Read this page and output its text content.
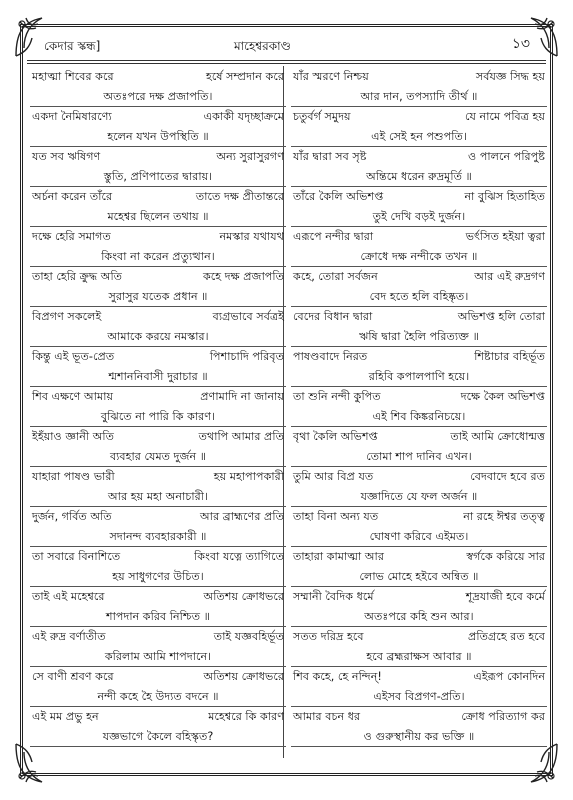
কেদার স্কন্ধ]	মাহেশ্বরকাণ্ড	১৩
মহাত্মা শিবের করে	হর্ষে সম্প্রদান করে
অতঃপরে দক্ষ প্রজাপতি।
একদা নৈমিষারণ্যে	একাকী যদৃচ্ছাক্রমে
হলেন যখন উপস্থিতি ॥
যত সব ঋষিগণ	অন্য সুরাসুরগণ
স্তুতি, প্রণিপাতের দ্বারায়।
অর্চনা করেন তাঁরে	তাতে দক্ষ প্রীতান্তরে
মহেশ্বর ছিলেন তথায় ॥
দক্ষে হেরি সমাগত	নমস্কার যথাযথ
কিংবা না করেন প্রত্যুত্থান।
তাহা হেরি ক্রুদ্ধ অতি	কহে দক্ষ প্রজাপতি
সুরাসুর যতেক প্রধান ॥
বিপ্রগণ সকলেই	ব্যগ্রভাবে সর্বত্রই
আমাকে করয়ে নমস্কার।
কিন্তু এই ভূত-প্রেত	পিশাচাদি পরিবৃত
শ্মশাননিবাসী দুরাচার ॥
শিব এক্ষণে আমায়	প্রণামাদি না জানায়
বুঝিতে না পারি কি কারণ।
ইহঁয়াও জ্ঞানী অতি	তথাপি আমার প্রতি
ব্যবহার যেমত দুর্জন ॥
যাহারা পাষণ্ড ভারী	হয় মহাপাপকারী
আর হয় মহা অনাচারী।
দুর্জন, গর্বিত অতি	আর ব্রাহ্মণের প্রতি
সদানন্দ ব্যবহারকারী ॥
তা সবারে বিনাশিতে	কিংবা যত্নে ত্যাগিতে
হয় সাধুগণের উচিত।
তাই এই মহেশ্বরে	অতিশয় ক্রোধভরে
শাপদান করিব নিশ্চিত ॥
এই রুদ্র বর্ণাতীত	তাই যজ্ঞবহির্ভূত
করিলাম আমি শাপদানে।
সে বাণী শ্রবণ করে	অতিশয় ক্রোধভরে
নন্দী কহে হৈ উদ্যত বদনে ॥
এই মম প্রভু হন	মহেশ্বরে কি কারণ
যজ্ঞভাগে কৈলে বহিস্কৃত?
যাঁর স্মরণে নিশ্চয়	সর্বযজ্ঞ সিদ্ধ হয়
আর দান, তপস্যাদি তীর্থ ॥
চতুর্বর্গ সমুদয়	যে নামে পবিত্র হয়
এই সেই হন পশুপতি।
যাঁর দ্বারা সব সৃষ্ট	ও পালনে পরিপুষ্ট
অন্তিমে ধরেন রুদ্রমূর্তি ॥
তাঁরে কৈলি অভিশপ্ত	না বুঝিস হিতাহিত
তুই দেখি বড়ই দুর্জন।
এরূপে নন্দীর দ্বারা	ভর্ৎসিত হইয়া ত্বরা
ক্রোধে দক্ষ নন্দীকে তখন ॥
কহে, তোরা সর্বজন	আর এই রুদ্রগণ
বেদ হতে হলি বহিষ্কৃত।
বেদের বিধান দ্বারা	অভিশপ্ত হলি তোরা
ঋষি দ্বারা হৈলি পরিত্যক্ত ॥
পাষণ্ডবাদে নিরত	শিষ্টাচার বহির্ভূত
রহিবি কপালপাণি হয়ে।
তা শুনি নন্দী কুপিত	দক্ষে কৈল অভিশপ্ত
এই শিব কিঙ্করনিচয়ে।
বৃথা কৈলি অভিশপ্ত	তাই আমি ক্রোধোন্মত্ত
তোমা শাপ দানিব এখন।
তুমি আর বিপ্র যত	বেদবাদে হবে রত
যজ্ঞাদিতে যে ফল অর্জন ॥
তাহা বিনা অন্য যত	না রহে ঈশ্বর তত্ত্ব
ঘোষণা করিবে এইমত।
তাহারা কামাত্মা আর	স্বর্গকে করিয়ে সার
লোভ মোহে হইবে অন্বিত ॥
সম্মানী বৈদিক ধর্মে	শূদ্রযাজী হবে কর্মে
অতঃপরে কহি শুন আর।
সতত দরিদ্র হবে	প্রতিগ্রহে রত হবে
হবে ব্রহ্মরাক্ষস আবার ॥
শিব কহে, হে নন্দিন্!	এইরূপ কোনদিন
এইসব বিপ্রগণ-প্রতি।
আমার বচন ধর	ক্রোধ পরিত্যাগ কর
ও গুরুস্থানীয় কর ভক্তি ॥
